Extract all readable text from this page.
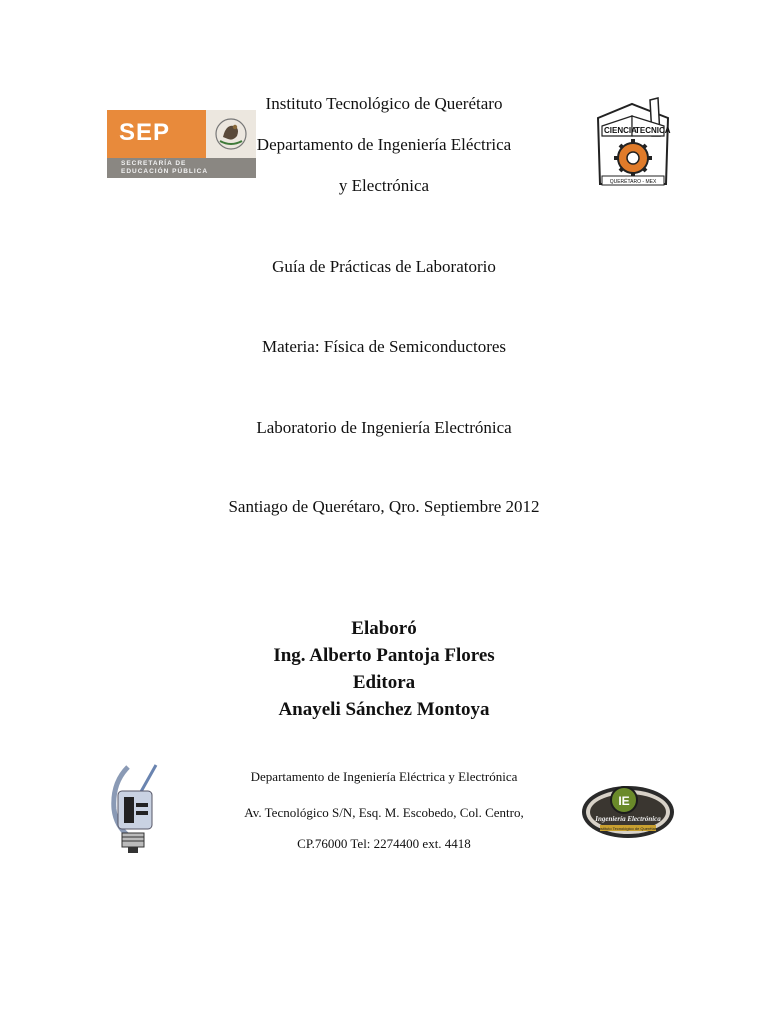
SEP
SECRETARÍA DE
EDUCACIÓN PÚBLICA
Instituto Tecnológico de Querétaro
Departamento de Ingeniería Eléctrica
y Electrónica
CIENCIA
TECNICA
QUERÉTARO - MEX
Guía de Prácticas de Laboratorio
Materia: Física de Semiconductores
Laboratorio de Ingeniería Electrónica
Santiago de Querétaro, Qro. Septiembre 2012
Elaboró
Ing. Alberto Pantoja Flores
Editora
Anayeli Sánchez Montoya
Departamento de Ingeniería Eléctrica y Electrónica
Av. Tecnológico S/N, Esq. M. Escobedo, Col. Centro,
CP.76000 Tel: 2274400 ext. 4418
IE
Ingeniería Electrónica
Instituto Tecnológico de Querétaro
